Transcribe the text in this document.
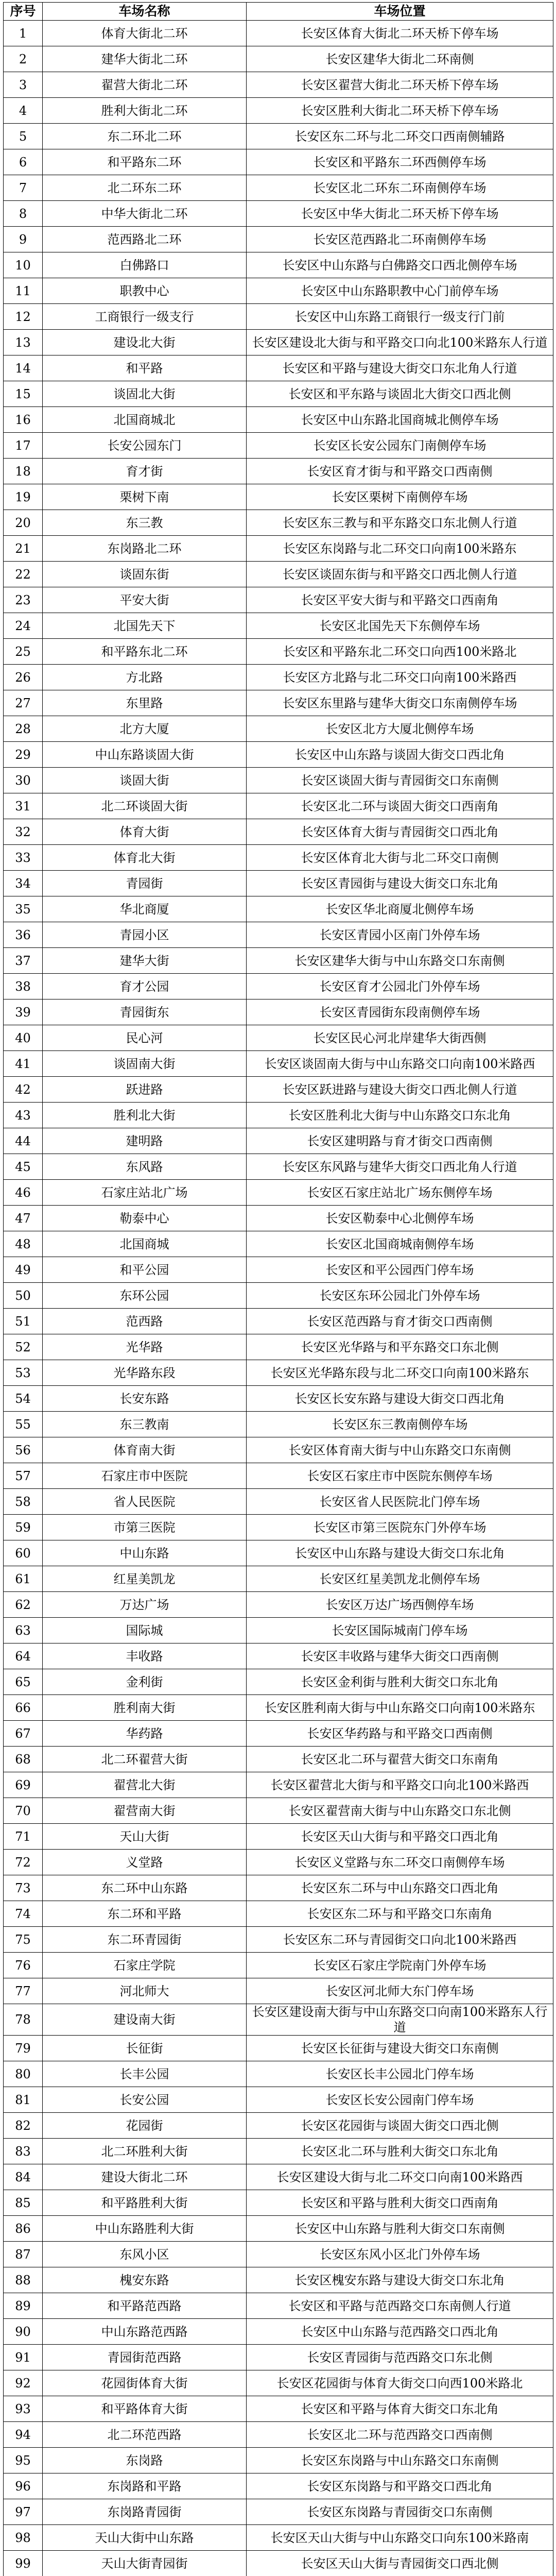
序号	车场名称	车场位置
1	体育大街北二环	长安区体育大街北二环天桥下停车场
2	建华大街北二环	长安区建华大街北二环南侧
3	翟营大街北二环	长安区翟营大街北二环天桥下停车场
4	胜利大街北二环	长安区胜利大街北二环天桥下停车场
5	东二环北二环	长安区东二环与北二环交口西南侧辅路
6	和平路东二环	长安区和平路东二环西侧停车场
7	北二环东二环	长安区北二环东二环南侧停车场
8	中华大街北二环	长安区中华大街北二环天桥下停车场
9	范西路北二环	长安区范西路北二环南侧停车场
10	白佛路口	长安区中山东路与白佛路交口西北侧停车场
11	职教中心	长安区中山东路职教中心门前停车场
12	工商银行一级支行	长安区中山东路工商银行一级支行门前
13	建设北大街	长安区建设北大街与和平路交口向北100米路东人行道
14	和平路	长安区和平路与建设大街交口东北角人行道
15	谈固北大街	长安区和平东路与谈固北大街交口西北侧
16	北国商城北	长安区中山东路北国商城北侧停车场
17	长安公园东门	长安区长安公园东门南侧停车场
18	育才街	长安区育才街与和平路交口西南侧
19	栗树下南	长安区栗树下南侧停车场
20	东三教	长安区东三教与和平东路交口东北侧人行道
21	东岗路北二环	长安区东岗路与北二环交口向南100米路东
22	谈固东街	长安区谈固东街与和平路交口西北侧人行道
23	平安大街	长安区平安大街与和平路交口西南角
24	北国先天下	长安区北国先天下东侧停车场
25	和平路东北二环	长安区和平路东北二环交口向西100米路北
26	方北路	长安区方北路与北二环交口向南100米路西
27	东里路	长安区东里路与建华大街交口东南侧停车场
28	北方大厦	长安区北方大厦北侧停车场
29	中山东路谈固大街	长安区中山东路与谈固大街交口西北角
30	谈固大街	长安区谈固大街与青园街交口东南侧
31	北二环谈固大街	长安区北二环与谈固大街交口西南角
32	体育大街	长安区体育大街与青园街交口西北角
33	体育北大街	长安区体育北大街与北二环交口南侧
34	青园街	长安区青园街与建设大街交口东北角
35	华北商厦	长安区华北商厦北侧停车场
36	青园小区	长安区青园小区南门外停车场
37	建华大街	长安区建华大街与中山东路交口东南侧
38	育才公园	长安区育才公园北门外停车场
39	青园街东	长安区青园街东段南侧停车场
40	民心河	长安区民心河北岸建华大街西侧
41	谈固南大街	长安区谈固南大街与中山东路交口向南100米路西
42	跃进路	长安区跃进路与建设大街交口西北侧人行道
43	胜利北大街	长安区胜利北大街与中山东路交口东北角
44	建明路	长安区建明路与育才街交口西南侧
45	东风路	长安区东风路与建华大街交口西北角人行道
46	石家庄站北广场	长安区石家庄站北广场东侧停车场
47	勒泰中心	长安区勒泰中心北侧停车场
48	北国商城	长安区北国商城南侧停车场
49	和平公园	长安区和平公园西门停车场
50	东环公园	长安区东环公园北门外停车场
51	范西路	长安区范西路与育才街交口西南侧
52	光华路	长安区光华路与和平东路交口东北侧
53	光华路东段	长安区光华路东段与北二环交口向南100米路东
54	长安东路	长安区长安东路与建设大街交口西北角
55	东三教南	长安区东三教南侧停车场
56	体育南大街	长安区体育南大街与中山东路交口东南侧
57	石家庄市中医院	长安区石家庄市中医院东侧停车场
58	省人民医院	长安区省人民医院北门停车场
59	市第三医院	长安区市第三医院东门外停车场
60	中山东路	长安区中山东路与建设大街交口东北角
61	红星美凯龙	长安区红星美凯龙北侧停车场
62	万达广场	长安区万达广场西侧停车场
63	国际城	长安区国际城南门停车场
64	丰收路	长安区丰收路与建华大街交口西南侧
65	金利街	长安区金利街与胜利大街交口东北角
66	胜利南大街	长安区胜利南大街与中山东路交口向南100米路东
67	华药路	长安区华药路与和平路交口西南侧
68	北二环翟营大街	长安区北二环与翟营大街交口东南角
69	翟营北大街	长安区翟营北大街与和平路交口向北100米路西
70	翟营南大街	长安区翟营南大街与中山东路交口东北侧
71	天山大街	长安区天山大街与和平路交口西北角
72	义堂路	长安区义堂路与东二环交口南侧停车场
73	东二环中山东路	长安区东二环与中山东路交口西北角
74	东二环和平路	长安区东二环与和平路交口东南角
75	东二环青园街	长安区东二环与青园街交口向北100米路西
76	石家庄学院	长安区石家庄学院南门外停车场
77	河北师大	长安区河北师大东门停车场
78	建设南大街	长安区建设南大街与中山东路交口向南100米路东人行道
79	长征街	长安区长征街与建设大街交口东南侧
80	长丰公园	长安区长丰公园北门停车场
81	长安公园	长安区长安公园南门停车场
82	花园街	长安区花园街与谈固大街交口西北侧
83	北二环胜利大街	长安区北二环与胜利大街交口东北角
84	建设大街北二环	长安区建设大街与北二环交口向南100米路西
85	和平路胜利大街	长安区和平路与胜利大街交口西南角
86	中山东路胜利大街	长安区中山东路与胜利大街交口东南侧
87	东风小区	长安区东风小区北门外停车场
88	槐安东路	长安区槐安东路与建设大街交口东北角
89	和平路范西路	长安区和平路与范西路交口东南侧人行道
90	中山东路范西路	长安区中山东路与范西路交口西北角
91	青园街范西路	长安区青园街与范西路交口东北侧
92	花园街体育大街	长安区花园街与体育大街交口向西100米路北
93	和平路体育大街	长安区和平路与体育大街交口东北角
94	北二环范西路	长安区北二环与范西路交口西南侧
95	东岗路	长安区东岗路与中山东路交口东南侧
96	东岗路和平路	长安区东岗路与和平路交口西北角
97	东岗路青园街	长安区东岗路与青园街交口东南侧
98	天山大街中山东路	长安区天山大街与中山东路交口向东100米路南
99	天山大街青园街	长安区天山大街与青园街交口西北侧
